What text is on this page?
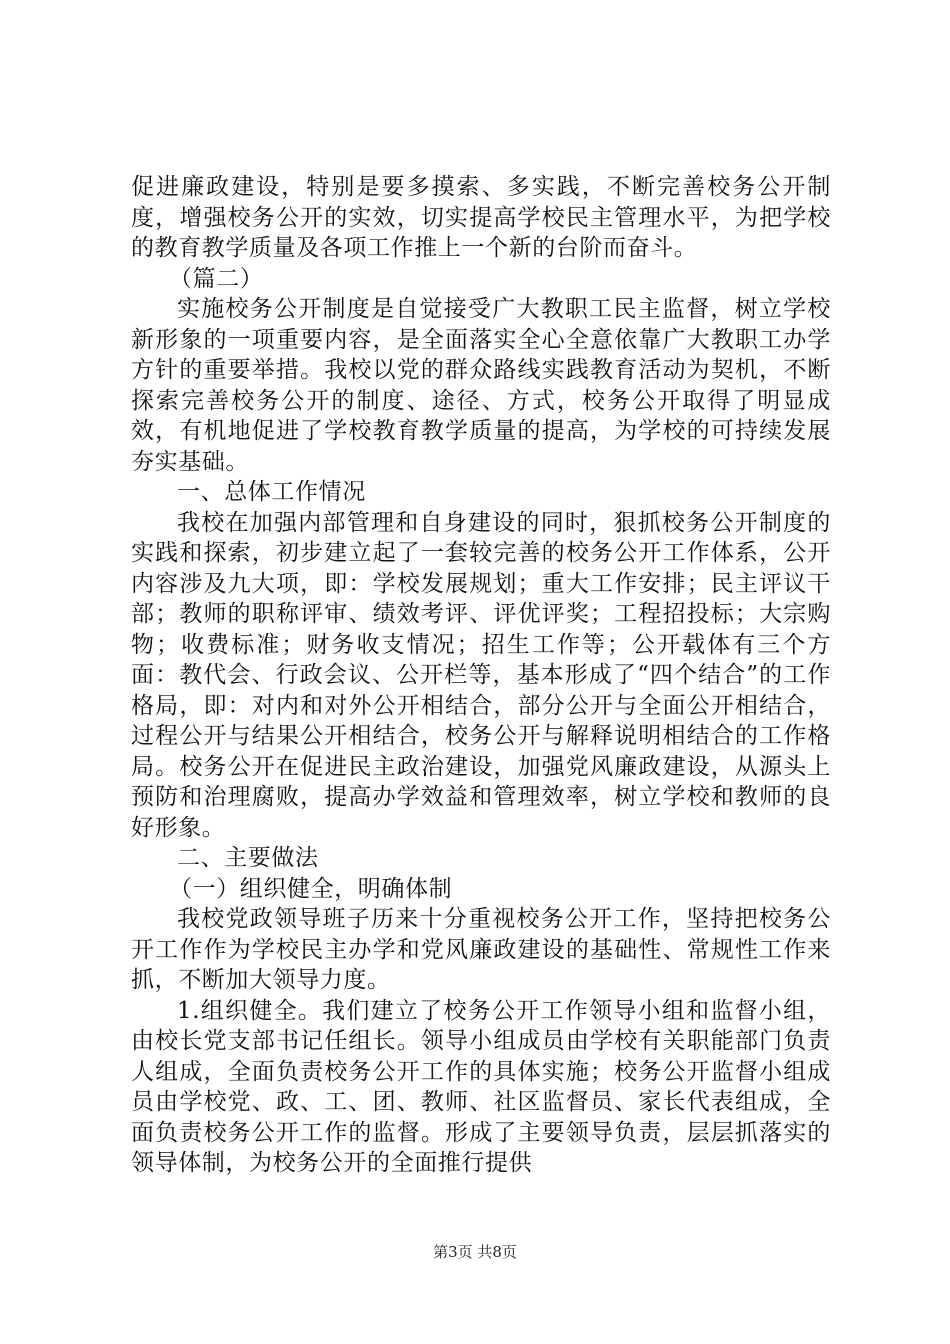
促进廉政建设，特别是要多摸索、多实践，不断完善校务公开制度，增强校务公开的实效，切实提高学校民主管理水平，为把学校的教育教学质量及各项工作推上一个新的台阶而奋斗。

（篇二）

实施校务公开制度是自觉接受广大教职工民主监督，树立学校新形象的一项重要内容，是全面落实全心全意依靠广大教职工办学方针的重要举措。我校以党的群众路线实践教育活动为契机，不断探索完善校务公开的制度、途径、方式，校务公开取得了明显成效，有机地促进了学校教育教学质量的提高，为学校的可持续发展夯实基础。

一、总体工作情况

我校在加强内部管理和自身建设的同时，狠抓校务公开制度的实践和探索，初步建立起了一套较完善的校务公开工作体系，公开内容涉及九大项，即：学校发展规划；重大工作安排；民主评议干部；教师的职称评审、绩效考评、评优评奖；工程招投标；大宗购物；收费标准；财务收支情况；招生工作等；公开载体有三个方面：教代会、行政会议、公开栏等，基本形成了“四个结合”的工作格局，即：对内和对外公开相结合，部分公开与全面公开相结合，过程公开与结果公开相结合，校务公开与解释说明相结合的工作格局。校务公开在促进民主政治建设，加强党风廉政建设，从源头上预防和治理腐败，提高办学效益和管理效率，树立学校和教师的良好形象。

二、主要做法

（一）组织健全，明确体制

我校党政领导班子历来十分重视校务公开工作，坚持把校务公开工作作为学校民主办学和党风廉政建设的基础性、常规性工作来抓，不断加大领导力度。

1.组织健全。我们建立了校务公开工作领导小组和监督小组，由校长党支部书记任组长。领导小组成员由学校有关职能部门负责人组成，全面负责校务公开工作的具体实施；校务公开监督小组成员由学校党、政、工、团、教师、社区监督员、家长代表组成，全面负责校务公开工作的监督。形成了主要领导负责，层层抓落实的领导体制，为校务公开的全面推行提供

第3页 共8页
